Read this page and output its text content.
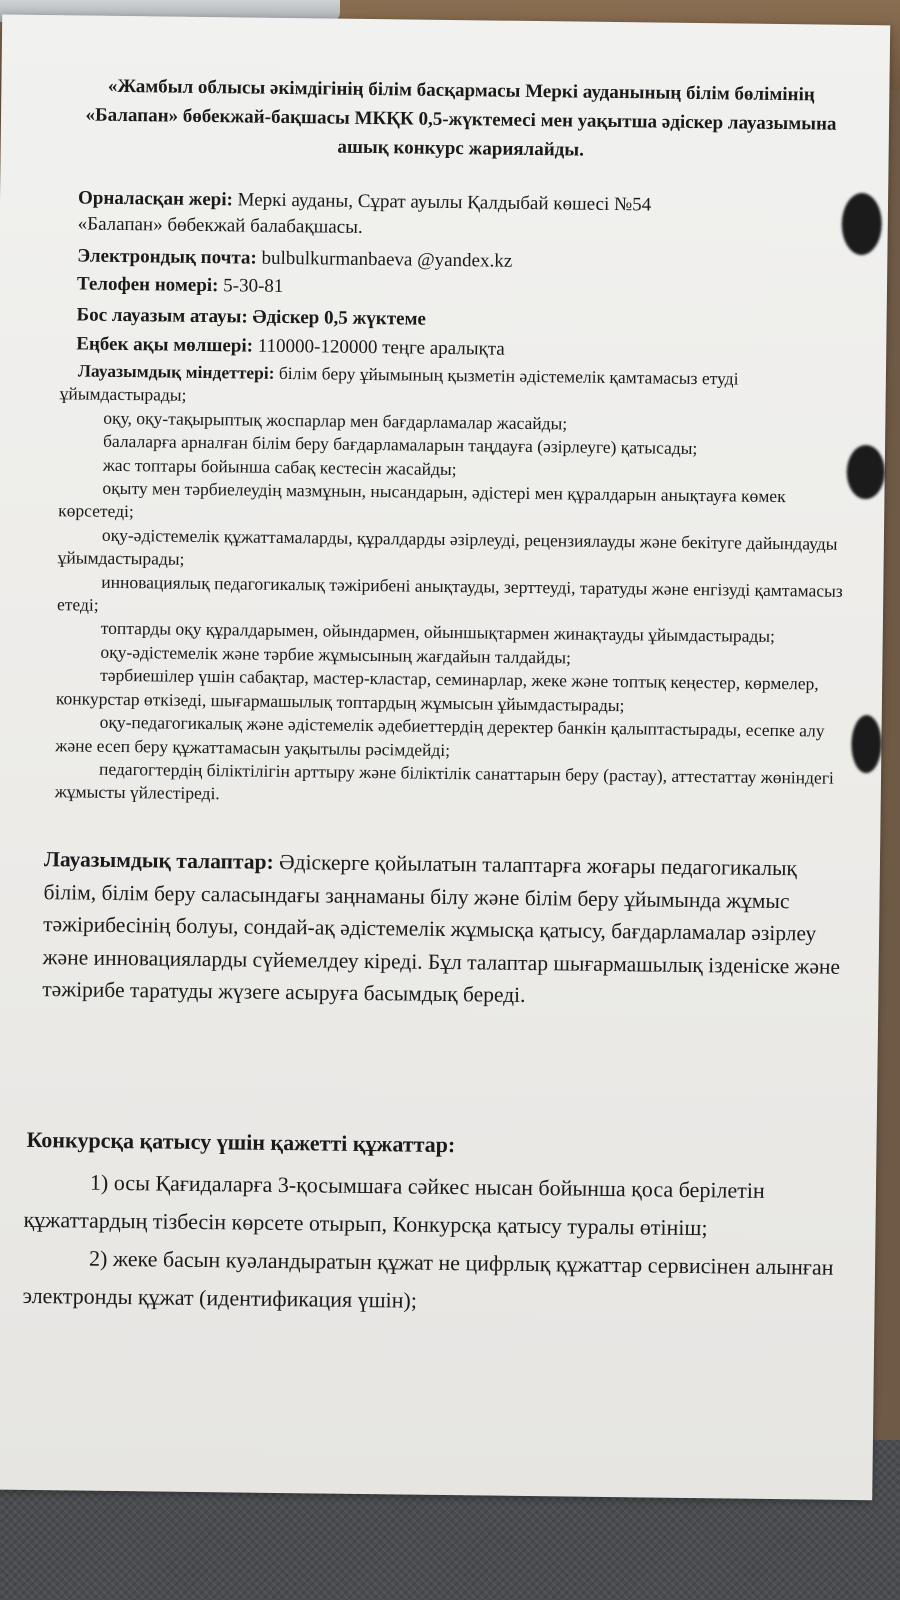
«Жамбыл облысы әкімдігінің білім басқармасы Меркі ауданының білім бөлімінің «Балапан» бөбекжай-бақшасы МКҚК 0,5-жүктемесі мен уақытша әдіскер лауазымына ашық конкурс жариялайды.
Орналасқан жері: Меркі ауданы, Сұрат ауылы Қалдыбай көшесі №54
«Балапан» бөбекжай балабақшасы.
Электрондық почта: bulbulkurmanbaeva @yandex.kz
Телофен номері: 5-30-81
Бос лауазым атауы: Әдіскер 0,5 жүктеме
Еңбек ақы мөлшері: 110000-120000 теңге аралықта
Лауазымдық міндеттері: білім беру ұйымының қызметін әдістемелік қамтамасыз етуді ұйымдастырады;
оқу, оқу-тақырыптық жоспарлар мен бағдарламалар жасайды;
балаларға арналған білім беру бағдарламаларын таңдауға (әзірлеуге) қатысады;
жас топтары бойынша сабақ кестесін жасайды;
оқыту мен тәрбиелеудің мазмұнын, нысандарын, әдістері мен құралдарын анықтауға көмек көрсетеді;
оқу-әдістемелік құжаттамаларды, құралдарды әзірлеуді, рецензиялауды және бекітуге дайындауды ұйымдастырады;
инновациялық педагогикалық тәжірибені анықтауды, зерттеуді, таратуды және енгізуді қамтамасыз етеді;
топтарды оқу құралдарымен, ойындармен, ойыншықтармен жинақтауды ұйымдастырады;
оқу-әдістемелік және тәрбие жұмысының жағдайын талдайды;
тәрбиешілер үшін сабақтар, мастер-кластар, семинарлар, жеке және топтық кеңестер, көрмелер, конкурстар өткізеді, шығармашылық топтардың жұмысын ұйымдастырады;
оқу-педагогикалық және әдістемелік әдебиеттердің деректер банкін қалыптастырады, есепке алу және есеп беру құжаттамасын уақытылы рәсімдейді;
педагогтердің біліктілігін арттыру және біліктілік санаттарын беру (растау), аттестаттау жөніндегі жұмысты үйлестіреді.
Лауазымдық талаптар: Әдіскерге қойылатын талаптарға жоғары педагогикалық білім, білім беру саласындағы заңнаманы білу және білім беру ұйымында жұмыс тәжірибесінің болуы, сондай-ақ әдістемелік жұмысқа қатысу, бағдарламалар әзірлеу және инновацияларды сүйемелдеу кіреді. Бұл талаптар шығармашылық ізденіске және тәжірибе таратуды жүзеге асыруға басымдық береді.
Конкурсқа қатысу үшін қажетті құжаттар:
1) осы Қағидаларға 3-қосымшаға сәйкес нысан бойынша қоса берілетін құжаттардың тізбесін көрсете отырып, Конкурсқа қатысу туралы өтініш;
2) жеке басын куәландыратын құжат не цифрлық құжаттар сервисінен алынған электронды құжат (идентификация үшін);
